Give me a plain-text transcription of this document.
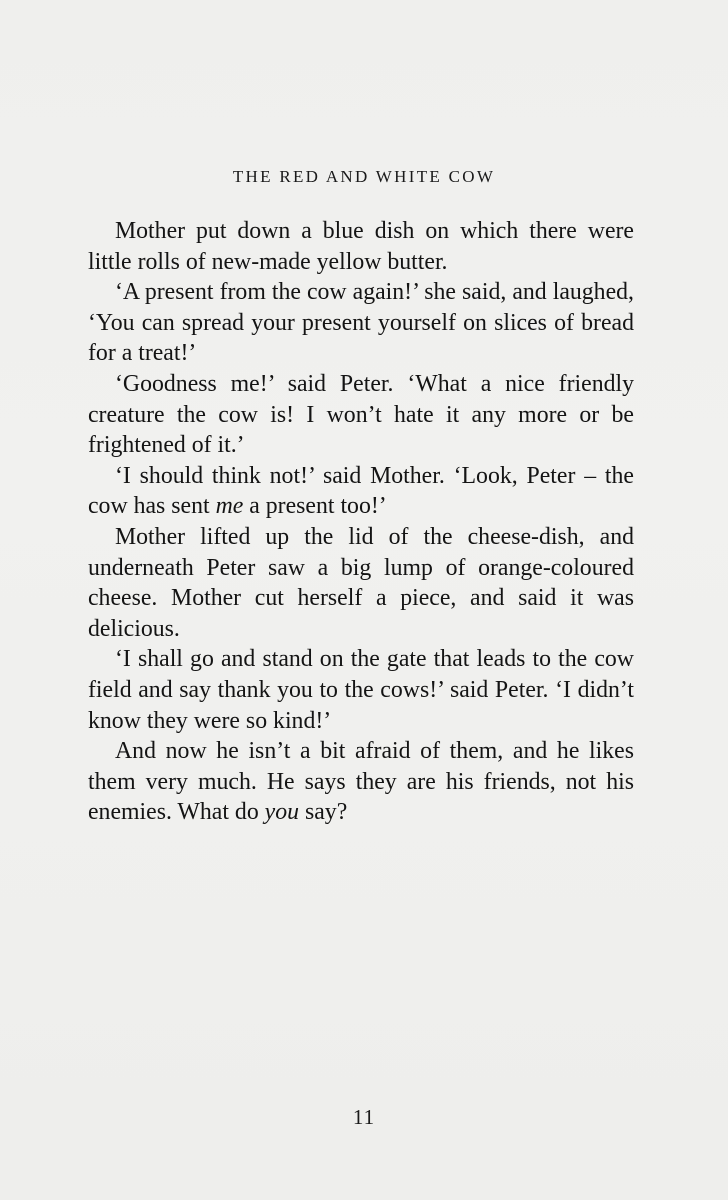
THE RED AND WHITE COW

Mother put down a blue dish on which there were little rolls of new-made yellow butter.

‘A present from the cow again!’ she said, and laughed, ‘You can spread your present yourself on slices of bread for a treat!’

‘Goodness me!’ said Peter. ‘What a nice friendly creature the cow is! I won’t hate it any more or be frightened of it.’

‘I should think not!’ said Mother. ‘Look, Peter – the cow has sent me a present too!’

Mother lifted up the lid of the cheese-dish, and underneath Peter saw a big lump of orange-coloured cheese. Mother cut herself a piece, and said it was delicious.

‘I shall go and stand on the gate that leads to the cow field and say thank you to the cows!’ said Peter. ‘I didn’t know they were so kind!’

And now he isn’t a bit afraid of them, and he likes them very much. He says they are his friends, not his enemies. What do you say?

11
